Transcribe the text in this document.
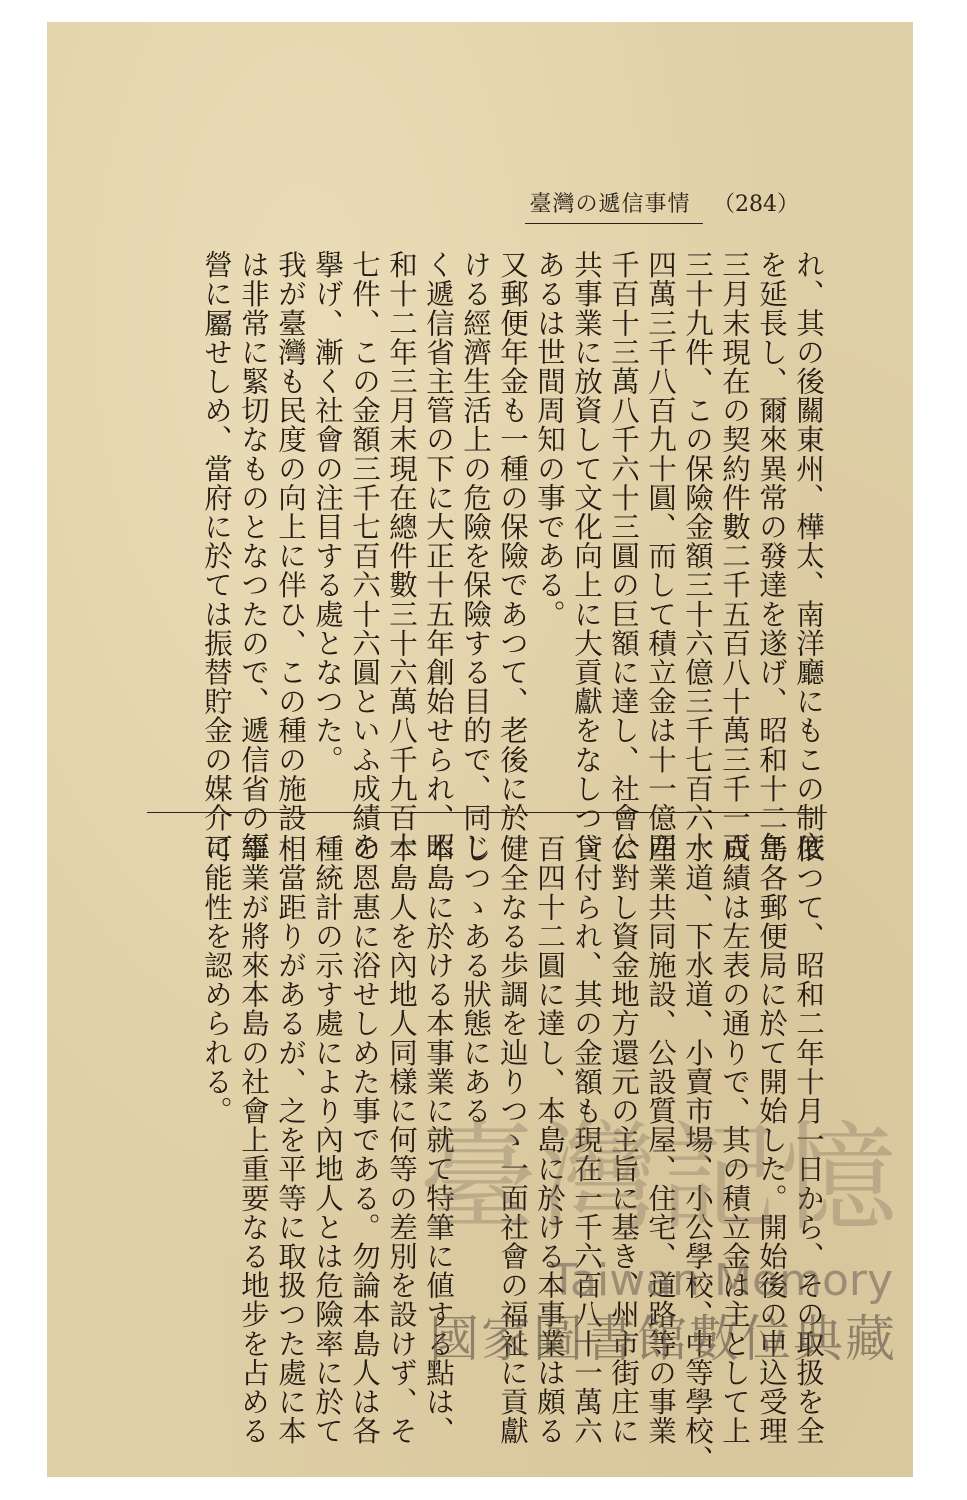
臺灣の遞信事情 （284）

れ、其の後關東州、樺太、南洋廳にもこの制度

を延長し、爾來異常の發達を遂げ、昭和十二年

三月末現在の契約件數二千五百八十萬三千一百

三十九件、この保險金額三十六億三千七百六十

四萬三千八百九十圓、而して積立金は十一億四

千百十三萬八千六十三圓の巨額に達し、社會公

共事業に放資して文化向上に大貢獻をなしつゝ

あるは世間周知の事である。

又郵便年金も一種の保險であつて、老後に於

ける經濟生活上の危險を保險する目的で、同じ

く遞信省主管の下に大正十五年創始せられ、昭

和十二年三月末現在總件數三十六萬八千九百十

七件、この金額三千七百六十六圓といふ成績を

擧げ、漸く社會の注目する處となつた。

我が臺灣も民度の向上に伴ひ、この種の施設

は非常に緊切なものとなつたので、遞信省の經

營に屬せしめ、當府に於ては振替貯金の媒介に

依つて、昭和二年十月一日から、その取扱を全

島各郵便局に於て開始した。開始後の申込受理

成績は左表の通りで、其の積立金は主として上

水道、下水道、小賣市場、小公學校、中等學校、

産業共同施設、公設質屋、住宅、道路等の事業

に對し資金地方還元の主旨に基き、州市街庄に

貸付られ、其の金額も現在一千六百八十一萬六

百四十二圓に達し、本島に於ける本事業は頗る

健全なる歩調を辿りつゝ一面社會の福祉に貢獻

しつゝある狀態にある

本島に於ける本事業に就て特筆に値する點は、

本島人を內地人同樣に何等の差別を設けず、そ

の恩惠に浴せしめた事である。勿論本島人は各

種統計の示す處により內地人とは危險率に於て

相當距りがあるが、之を平等に取扱つた處に本

事業が將來本島の社會上重要なる地步を占める

可能性を認められる。

臺灣記憶
Taiwan Memory
國家圖書館數位典藏
